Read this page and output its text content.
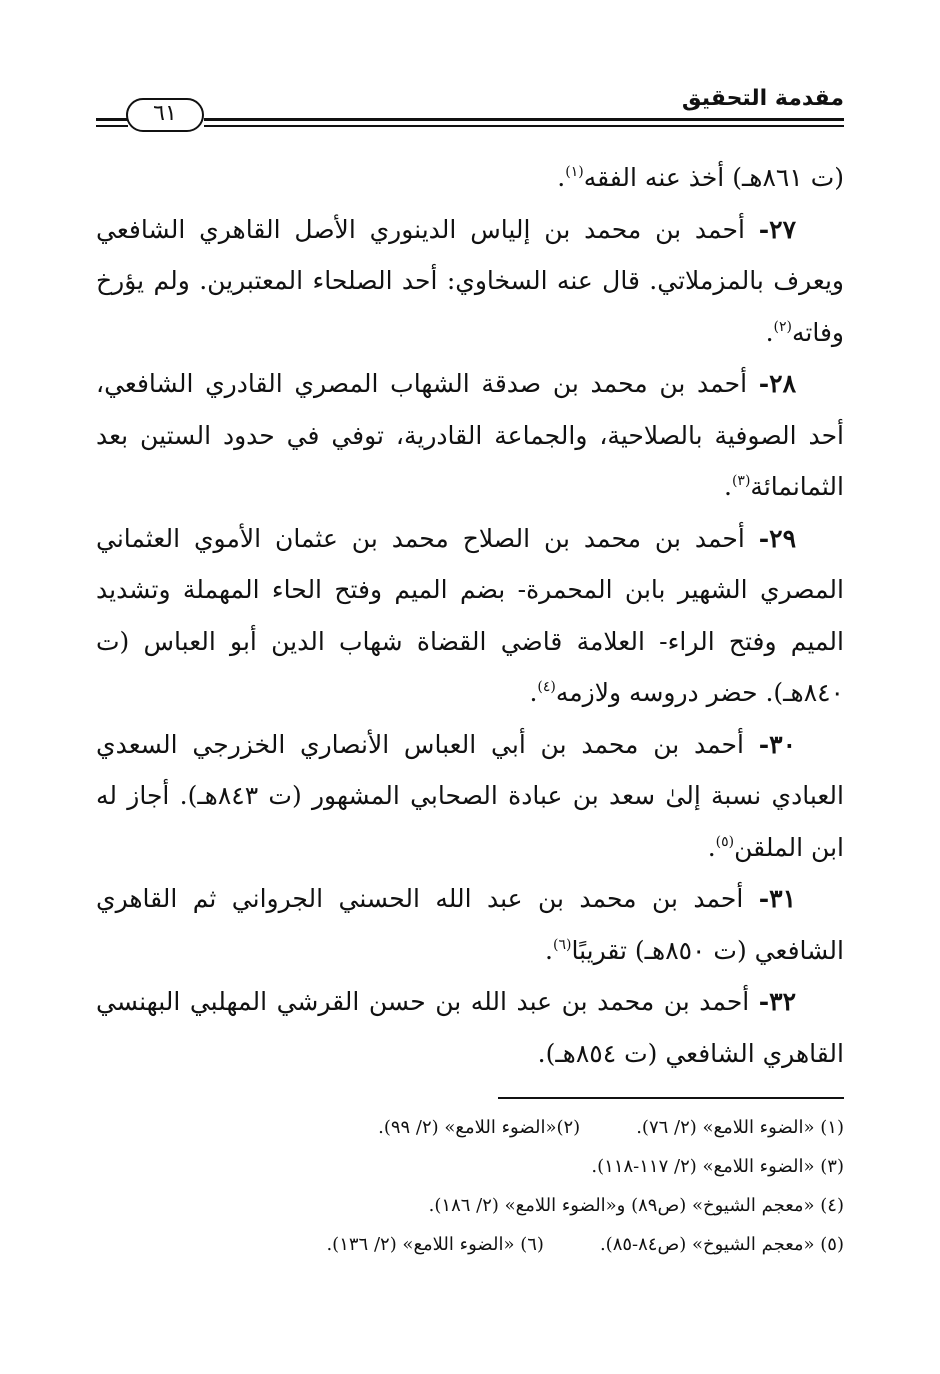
مقدمة التحقيق
٦١

(ت ٨٦١هـ) أخذ عنه الفقه$^{(١)}$.

٢٧- أحمد بن محمد بن إلياس الدينوري الأصل القاهري الشافعي ويعرف بالمزملاتي. قال عنه السخاوي: أحد الصلحاء المعتبرين. ولم يؤرخ وفاته$^{(٢)}$.

٢٨- أحمد بن محمد بن صدقة الشهاب المصري القادري الشافعي، أحد الصوفية بالصلاحية، والجماعة القادرية، توفي في حدود الستين بعد الثمانمائة$^{(٣)}$.

٢٩- أحمد بن محمد بن الصلاح محمد بن عثمان الأموي العثماني المصري الشهير بابن المحمرة- بضم الميم وفتح الحاء المهملة وتشديد الميم وفتح الراء- العلامة قاضي القضاة شهاب الدين أبو العباس (ت ٨٤٠هـ). حضر دروسه ولازمه$^{(٤)}$.

٣٠- أحمد بن محمد بن أبي العباس الأنصاري الخزرجي السعدي العبادي نسبة إلىٰ سعد بن عبادة الصحابي المشهور (ت ٨٤٣هـ). أجاز له ابن الملقن$^{(٥)}$.

٣١- أحمد بن محمد بن عبد الله الحسني الجرواني ثم القاهري الشافعي (ت ٨٥٠هـ) تقريبًا$^{(٦)}$.

٣٢- أحمد بن محمد بن عبد الله بن حسن القرشي المهلبي البهنسي القاهري الشافعي (ت ٨٥٤هـ).

(١) «الضوء اللامع» (٢/ ٧٦).
(٢)«الضوء اللامع» (٢/ ٩٩).
(٣) «الضوء اللامع» (٢/ ١١٧-١١٨).
(٤) «معجم الشيوخ» (ص٨٩) و«الضوء اللامع» (٢/ ١٨٦).
(٥) «معجم الشيوخ» (ص٨٤-٨٥).
(٦) «الضوء اللامع» (٢/ ١٣٦).
